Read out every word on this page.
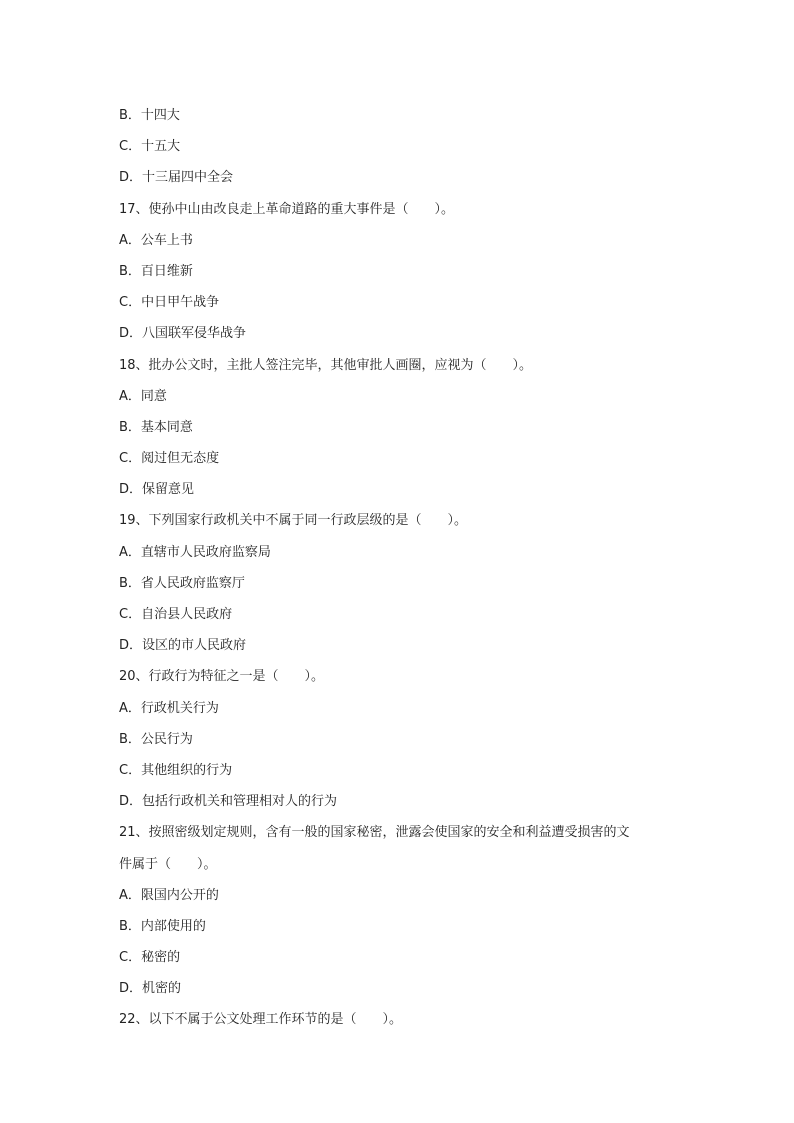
B．十四大
C．十五大
D．十三届四中全会
17、使孙中山由改良走上革命道路的重大事件是（　　）。
A．公车上书
B．百日维新
C．中日甲午战争
D．八国联军侵华战争
18、批办公文时，主批人签注完毕，其他审批人画圈，应视为（　　）。
A．同意
B．基本同意
C．阅过但无态度
D．保留意见
19、下列国家行政机关中不属于同一行政层级的是（　　）。
A．直辖市人民政府监察局
B．省人民政府监察厅
C．自治县人民政府
D．设区的市人民政府
20、行政行为特征之一是（　　）。
A．行政机关行为
B．公民行为
C．其他组织的行为
D．包括行政机关和管理相对人的行为
21、按照密级划定规则，含有一般的国家秘密，泄露会使国家的安全和利益遭受损害的文
件属于（　　）。
A．限国内公开的
B．内部使用的
C．秘密的
D．机密的
22、以下不属于公文处理工作环节的是（　　）。
